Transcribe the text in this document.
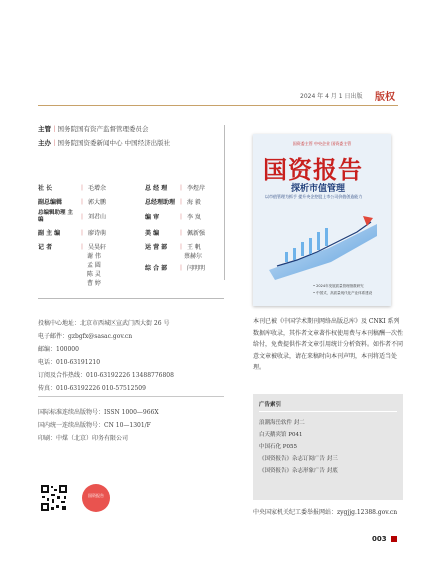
2024 年 4 月 1 日出版 版权
主管｜国务院国有资产监督管理委员会
主办｜国务院国资委新闻中心 中国经济出版社
社 长	｜ 毛增余
副总编辑	｜ 郭大鹏
总编辑助理 主 编	｜ 刘君山
副 主 编	｜ 廖诗萌
记 者	｜ 吴昊轩
谢 伟
孟 圆
陈 灵
曹 婷
总 经 理 ｜ 李煜岸
总经理助理 ｜ 海 毅
编 审	｜ 李 岚
美 编	｜ 佩新强
运 营 部 ｜ 王 帆
蔡赫尔
综 合 部 ｜ 闫明明
投稿中心地址：北京市西城区宣武门西大街 26 号
电子邮件：gzbgfx@sasac.gov.cn
邮编：100000
电话：010-63191210
订阅及合作热线：010-63192226 13488776808
传真：010-63192226 010-57512509
国际标准连续出版物号：ISSN 1000—966X
国内统一连续出版物号：CN 10—1301/F
印刷：中煤（北京）印务有限公司
国资报告
国资委主管 中央企业 国资委主管
国资报告
探析市值管理
以市值管理为抓手 提升央企控股上市公司价值创造能力
• 2024年发展质量管理指数研究
• 中国式、高质量现代化产业体系建设
本刊已被《中国学术期刊网络出版总库》及 CNKI 系列数据库收录，其作者文章著作权使用费与本刊稿酬一次性给付，免费提供作者文章引用统计分析资料。如作者不同意文章被收录，请在来稿时向本刊声明，本刊将适当处理。
广告索引
浪潮海岳软件 封二
白天鹅宾馆 P041
中国石化 P055
《国资报告》杂志订阅广告 封三
《国资报告》杂志形象广告 封底
中央国家机关纪工委举报网站：zygjjg.12388.gov.cn
003
